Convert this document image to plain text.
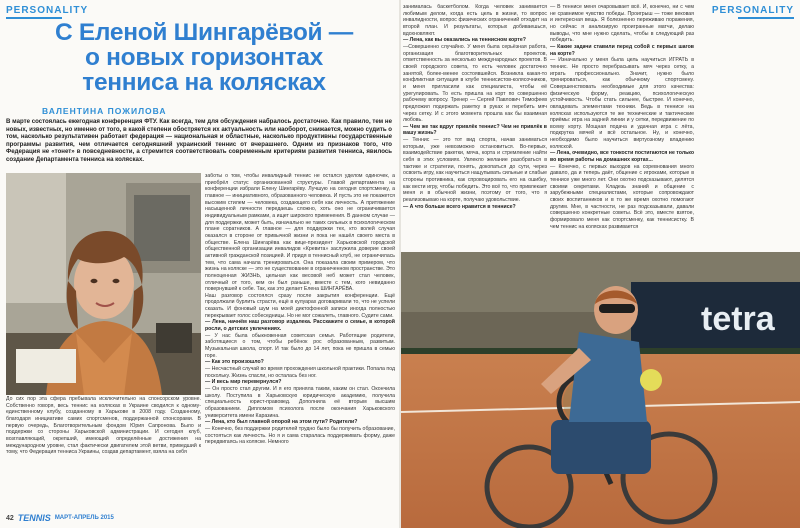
PERSONALITY	PERSONALITY
С Еленой Шингарёвой —
о новых горизонтах
тенниса на колясках
ВАЛЕНТИНА ПОЖИЛОВА
В марте состоялась ежегодная конференция ФТУ. Как всегда, тем для обсуждения набралось достаточно. Как правило, тем не новых, известных, но именно от того, в какой степени обостряется их актуальность или наоборот, снижается, можно судить о том, насколько результативен работает федерация — национальная и областные, насколько продуктивны государственные программы развития, чем отличается сегодняшний украинский теннис от вчерашнего. Одним из признаков того, что Федерация не «тонет» в повседневности, а стремится соответствовать современным критериям развития тенниса, явилось создание Департамента тенниса на колясках.

До сих пор эта сфера пребывала исключительно на спонсорском уровне. Собственно говоря, весь теннис на колясках в Украине сводился к одному-единственному клубу, созданному в Харькове в 2008 году. Созданному, благодаря инициативе самих спортсменов, поддержанной спонсорами. В первую очередь, Благотворительным фондом Юрия Сапронова. Было и поддержки со стороны Харьковской администрации. И сегодня клуб, возглавляющий, окрепший, имеющий определённые достижения на международном уровне, стал фактически двигателем этой ветви, приведший к тому, что Федерация тенниса Украины, создав департамент, взяла на себя

заботы о том, чтобы инвалидный теннис не остался уделом одиночек, а приобрёл статус организованной структуры. Главой департамента на конференции избрали Елену Шингарёву. Лучшую на сегодня спортсменку, а главное — инициативного, образованного человека. И пусть это не покажется высоким стилем — человека, создающего себя как личность. А притяжение насыщенной личности передаешь сложно, хоть оно не ограничивается индивидуальным рамками, а ищет широкого применения. В данном случае — для поддержки, может быть, изначально не таких сильных в психологическом плане соратников. А главное — для поддержки тех, кто волей случая оказался в стороне от привычной жизни и пока не нашёл своего места в обществе. Елена Шингарёва как вице-президент Харьковской городской общественной организации инвалидов «Кревита» заслужила доверие своей активной гражданской позицией. И придя в теннисный клуб, не ограничилась тем, что сама начала тренироваться. Она показала своим примером, что жизнь на коляске — это не существование в ограниченном пространстве. Это полноценная ЖИЗНЬ, цельная как весовой неб может стал человек, отличный от того, кем он был раньше, вместе с тем, кого невиданно повернувшей к себе. Так, как это делает Елена ШИНГАРЁВА.

Наш разговор состоялся сразу после закрытия конференции. Ещё продолжали бурлить страсти, ещё в кулуарах договаривали то, что не успели сказать. И фоновый шум на моей диктофонной записи иногда полностью перекрывает голос собеседницы. Но не мог сожалеть, главного. Судите сами.

— Лена, начнём наш разговор издалека. Расскажите о семье, в которой росли, о детских увлечениях.

— У нас была обыкновенная советская семья. Работящие родители, заботящиеся о том, чтобы ребёнок рос образованным, развитым. Музыкальная школа, спорт. И так было до 14 лет, пока не пришла в семью горе.

— Как это произошло?

— Несчастный случай во время прохождения школьной практики. Попала под поскольку. Жизнь спасли, но осталась без ног.

— И весь мир перевернулся?

— Он просто стал другим. И я его приняла таким, каким он стал. Окончила школу. Поступила в Харьковскую юридическую академию, получила специальность юрист-правовед. Дополнила её вторым высшим образованием. Дипломом психолога после окончания Харьковского университета имени Каразина.

— Лена, кто был главной опорой на этом пути? Родители?

— Конечно, без поддержки родителей трудно было бы получить образование, состояться как личность. Но я и сама старалась поддерживать форму, даже передвигаясь на коляске. Немного

занималась баскетболом. Когда человек занимается любимым делом, когда есть цель в жизни, то вопрос инвалидности, вопрос физических ограничений отходит на второй план. И результаты, которых добиваешься, вдохновляют.

— Лена, как вы оказались на теннисном корте?

—Совершенно случайно. У меня была серьёзная работа, организация благотворительных проектов, ответственность за несколько международных проектов. В своей городского совета, то есть человек достаточно занятой, более-менее состоявшейся. Возникла какая-то конфликтная ситуация в клубе теннисистов-колясочников, и меня пригласили как специалиста, чтобы её урегулировать. То есть пришла на корт по совершенно рабочему вопросу. Тренер — Сергей Павлович Тимофеев предложил подержать ракетку в руках и перебить мяч через сетку. И с этого момента прошла как бы взаимная любовь.

— Чем же так вдруг привлёк теннис? Чем не привлёк в вашу жизнь?

— Теннис — это тот вид спорта, начав заниматься которым, уже невозможно остановиться. Во-первых, взаимодействие ракетки, мяча, корта и стремление найти себя в этих условиях. Увлекло желание разобраться в тактике и стратегии, понять, докопаться до сути, через освоить игру, как научиться нащупывать сильные и слабые стороны противника, как спровоцировать его на ошибку, как вести игру, чтобы победить. Это всё то, что привлекает меня и в обычной жизни, поэтому от того, что я реализовываю на корте, получаю удовольствие.

— А что больше всего нравится в теннисе?

— В теннисе меня очаровывает всё. И, конечно, ни с чем не сравнимое чувство победы. Проигрыш — тоже вековая и интересная вещь. Я болезненно переживаю поражения, но сейчас я анализирую проигранные матчи, делаю выводы, что мне нужно сделать, чтобы в следующий раз победить.

— Какие задачи ставили перед собой с первых шагов на корте?

— Изначально у меня была цель научиться ИГРАТЬ в теннис. Не просто перебрасывать мяч через сетку, а играть профессионально. Значит, нужно было тренироваться, как обычному спортсмену. Совершенствовать необходимые для этого качества: физическую форму, реакцию, психологическую устойчивость. Чтобы стать сильнее, быстрее. И конечно, овладевать элементами техники. Ведь в теннисе на колясках используются те же технические и тактические приёмы: игра на задней линии и у сетки, передвижение по всему корту. Мощная подача и удачная игра с лёта, подкрутка мячей и всё остальное. Ну, и конечно, необходимо было научиться виртуозному владению коляской.

— Лена, очевидно, все тонкости постигаются не только во время работы на домашних кортах...

— Конечно, с первых выходов на соревнования много давало, да и теперь даёт, общение с игроками, которые в теннисе уже много лет. Они охотно подсказывают, делятся своими секретами. Кладезь знаний и общение с зарубежными специалистами, которые сопровождают своих воспитанников и в то же время охотно помогают другим. Мне, в частности, не раз подсказывали, давали совершенно конкретные советы. Всё это, вместе взятое, формировало меня как спортсменку, как теннисистку. В чем теннис на колясках развивается

tetra
42 TENNIS МАРТ-АПРЕЛЬ 2015
